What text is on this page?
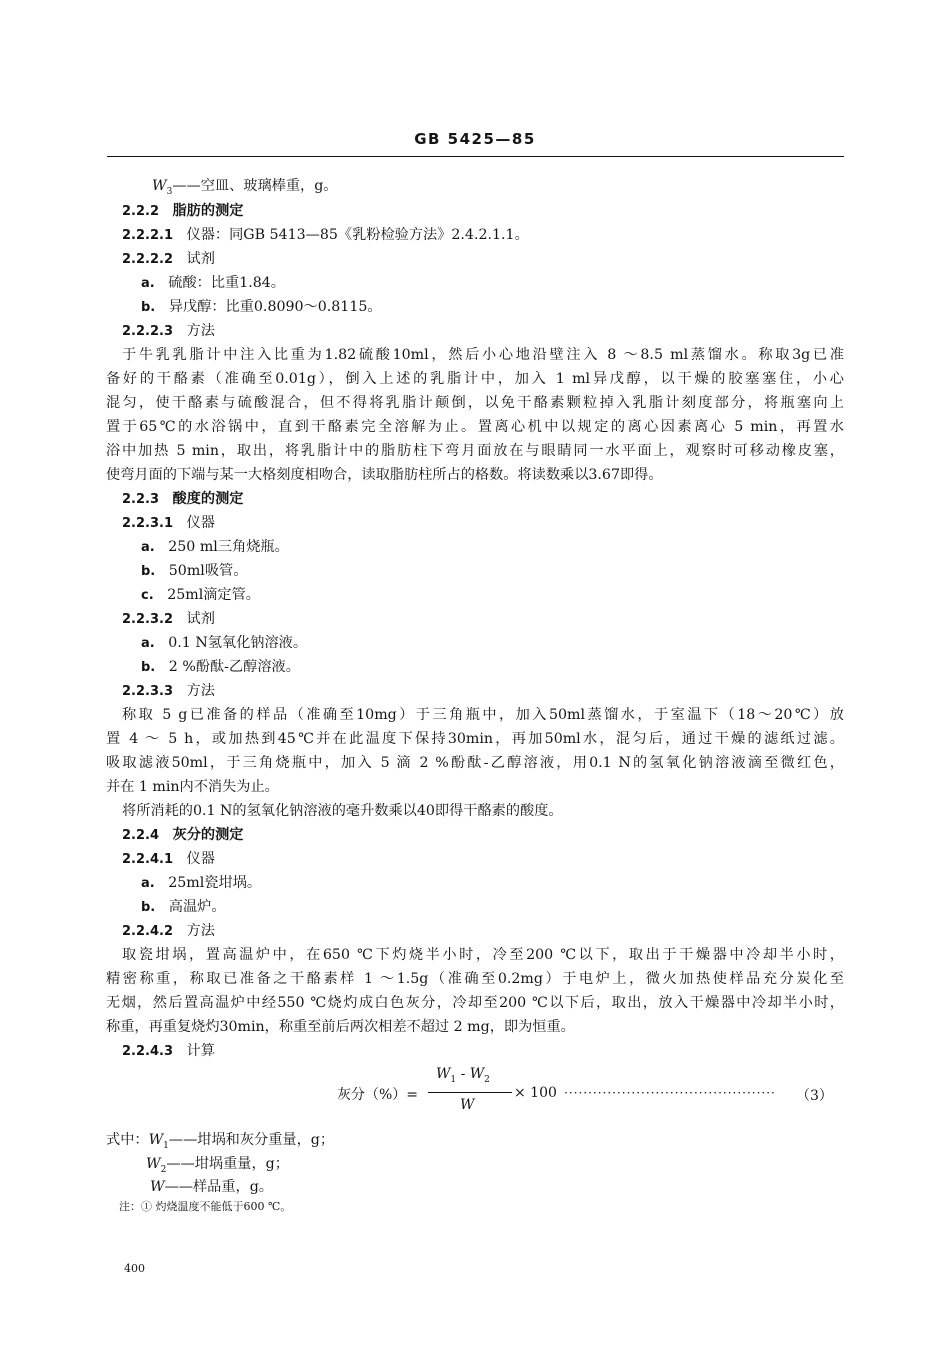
GB 5425—85
$W_3——$空皿、玻璃棒重，g。
2.2.2 脂肪的测定
2.2.2.1 仪器：同GB 5413—85《乳粉检验方法》2.4.2.1.1。
2.2.2.2 试剂
a. 硫酸：比重1.84。
b. 异戊醇：比重0.8090～0.8115。
2.2.2.3 方法
于牛乳乳脂计中注入比重为1.82硫酸10ml，然后小心地沿壁注入 8 ～8.5 ml蒸馏水。称取3g已准
备好的干酪素（准确至0.01g），倒入上述的乳脂计中，加入 1 ml异戊醇，以干燥的胶塞塞住，小心
混匀，使干酪素与硫酸混合，但不得将乳脂计颠倒，以免干酪素颗粒掉入乳脂计刻度部分，将瓶塞向上
置于65℃的水浴锅中，直到干酪素完全溶解为止。置离心机中以规定的离心因素离心 5 min，再置水
浴中加热 5 min，取出，将乳脂计中的脂肪柱下弯月面放在与眼睛同一水平面上，观察时可移动橡皮塞，
使弯月面的下端与某一大格刻度相吻合，读取脂肪柱所占的格数。将读数乘以3.67即得。
2.2.3 酸度的测定
2.2.3.1 仪器
a. 250 ml三角烧瓶。
b. 50ml吸管。
c. 25ml滴定管。
2.2.3.2 试剂
a. 0.1 N氢氧化钠溶液。
b. 2 %酚酞-乙醇溶液。
2.2.3.3 方法
称取 5 g已准备的样品（准确至10mg）于三角瓶中，加入50ml蒸馏水，于室温下（18～20℃）放
置 4 ～ 5 h，或加热到45℃并在此温度下保持30min，再加50ml水，混匀后，通过干燥的滤纸过滤。
吸取滤液50ml，于三角烧瓶中，加入 5 滴 2 %酚酞-乙醇溶液，用0.1 N的氢氧化钠溶液滴至微红色，
并在 1 min内不消失为止。
将所消耗的0.1 N的氢氧化钠溶液的毫升数乘以40即得干酪素的酸度。
2.2.4 灰分的测定
2.2.4.1 仪器
a. 25ml瓷坩埚。
b. 高温炉。
2.2.4.2 方法
取瓷坩埚，置高温炉中，在650 ℃下灼烧半小时，冷至200 ℃以下，取出于干燥器中冷却半小时，
精密称重，称取已准备之干酪素样 1 ～1.5g（准确至0.2mg）于电炉上，微火加热使样品充分炭化至
无烟，然后置高温炉中经550 ℃烧灼成白色灰分，冷却至200 ℃以下后，取出，放入干燥器中冷却半小时，
称重，再重复烧灼30min，称重至前后两次相差不超过 2 mg，即为恒重。
2.2.4.3 计算
灰分（%）=
$W_1 - W_2$
W
× 100 ············································ （3）
式中：$W_1——$坩埚和灰分重量，g；
$W_2——$坩埚重量，g；
W——样品重，g。
注：① 灼烧温度不能低于600 ℃。
400
